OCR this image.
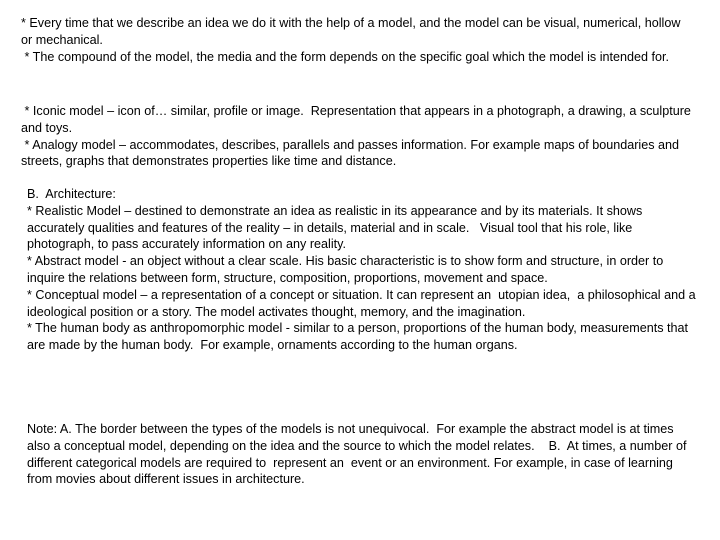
* Every time that we describe an idea we do it with the help of a model, and the model can be visual, numerical, hollow or mechanical.

* The compound of the model, the media and the form depends on the specific goal which the model is intended for.

* Iconic model – icon of… similar, profile or image.  Representation that appears in a photograph, a drawing, a sculpture and toys.

* Analogy model – accommodates, describes, parallels and passes information. For example maps of boundaries and streets, graphs that demonstrates properties like time and distance.

B.  Architecture:

* Realistic Model – destined to demonstrate an idea as realistic in its appearance and by its materials. It shows accurately qualities and features of the reality – in details, material and in scale.   Visual tool that his role, like photograph, to pass accurately information on any reality.

* Abstract model - an object without a clear scale. His basic characteristic is to show form and structure, in order to inquire the relations between form, structure, composition, proportions, movement and space.

* Conceptual model – a representation of a concept or situation. It can represent an  utopian idea,  a philosophical and a ideological position or a story. The model activates thought, memory, and the imagination.

* The human body as anthropomorphic model - similar to a person, proportions of the human body, measurements that are made by the human body.  For example, ornaments according to the human organs.

Note: A. The border between the types of the models is not unequivocal.  For example the abstract model is at times also a conceptual model, depending on the idea and the source to which the model relates.    B.  At times, a number of different categorical models are required to  represent an  event or an environment. For example, in case of learning from movies about different issues in architecture.
